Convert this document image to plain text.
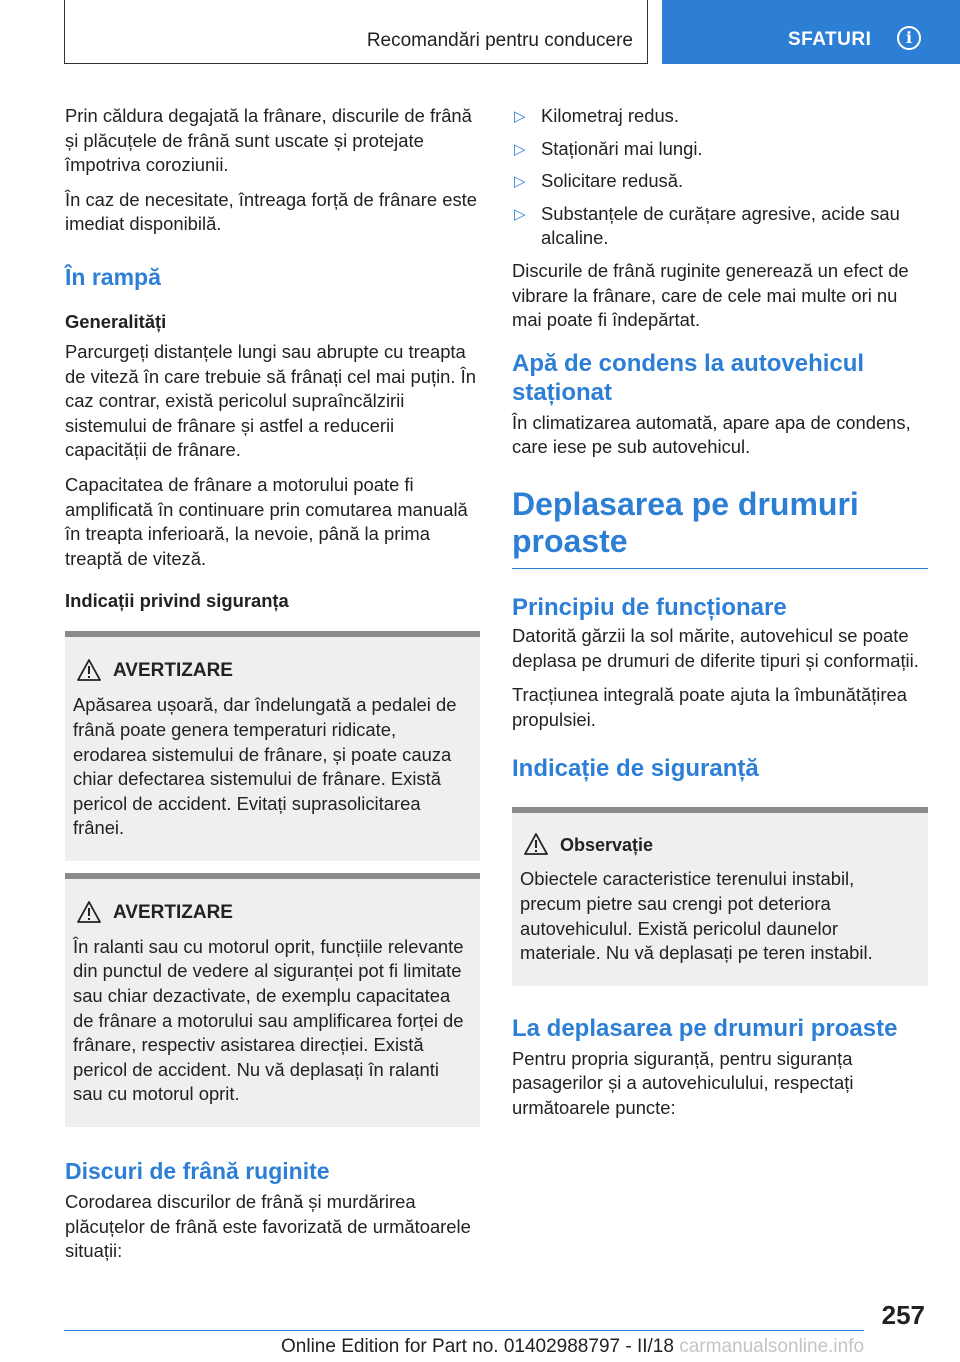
Recomandări pentru conducere	SFATURI	i

Prin căldura degajată la frânare, discurile de frână și plăcuțele de frână sunt uscate și protejate împotriva coroziunii.

În caz de necesitate, întreaga forță de frânare este imediat disponibilă.

În rampă
Generalități

Parcurgeți distanțele lungi sau abrupte cu treapta de viteză în care trebuie să frânați cel mai puțin. În caz contrar, există pericolul supraîncălzirii sistemului de frânare și astfel a reducerii capacității de frânare.

Capacitatea de frânare a motorului poate fi amplificată în continuare prin comutarea manuală în treapta inferioară, la nevoie, până la prima treaptă de viteză.

Indicații privind siguranța
AVERTIZARE

Apăsarea ușoară, dar îndelungată a pedalei de frână poate genera temperaturi ridicate, erodarea sistemului de frânare, și poate cauza chiar defectarea sistemului de frânare. Există pericol de accident. Evitați suprasolicitarea frânei.

AVERTIZARE

În ralanti sau cu motorul oprit, funcțiile relevante din punctul de vedere al siguranței pot fi limitate sau chiar dezactivate, de exemplu capacitatea de frânare a motorului sau amplificarea forței de frânare, respectiv asistarea direcției. Există pericol de accident. Nu vă deplasați în ralanti sau cu motorul oprit.

Discuri de frână ruginite

Corodarea discurilor de frână și murdărirea plăcuțelor de frână este favorizată de următoarele situații:

▷ Kilometraj redus.
▷ Staționări mai lungi.
▷ Solicitare redusă.
▷ Substanțele de curățare agresive, acide sau alcaline.

Discurile de frână ruginite generează un efect de vibrare la frânare, care de cele mai multe ori nu mai poate fi îndepărtat.

Apă de condens la autovehicul staționat

În climatizarea automată, apare apa de condens, care iese pe sub autovehicul.

Deplasarea pe drumuri proaste
Principiu de funcționare

Datorită gărzii la sol mărite, autovehicul se poate deplasa pe drumuri de diferite tipuri și conformații.

Tracțiunea integrală poate ajuta la îmbunătățirea propulsiei.

Indicație de siguranță
Observație

Obiectele caracteristice terenului instabil, precum pietre sau crengi pot deteriora autovehiculul. Există pericolul daunelor materiale. Nu vă deplasați pe teren instabil.

La deplasarea pe drumuri proaste

Pentru propria siguranță, pentru siguranța pasagerilor și a autovehiculului, respectați următoarele puncte:

257
Online Edition for Part no. 01402988797 - II/18 carmanualsonline.info
